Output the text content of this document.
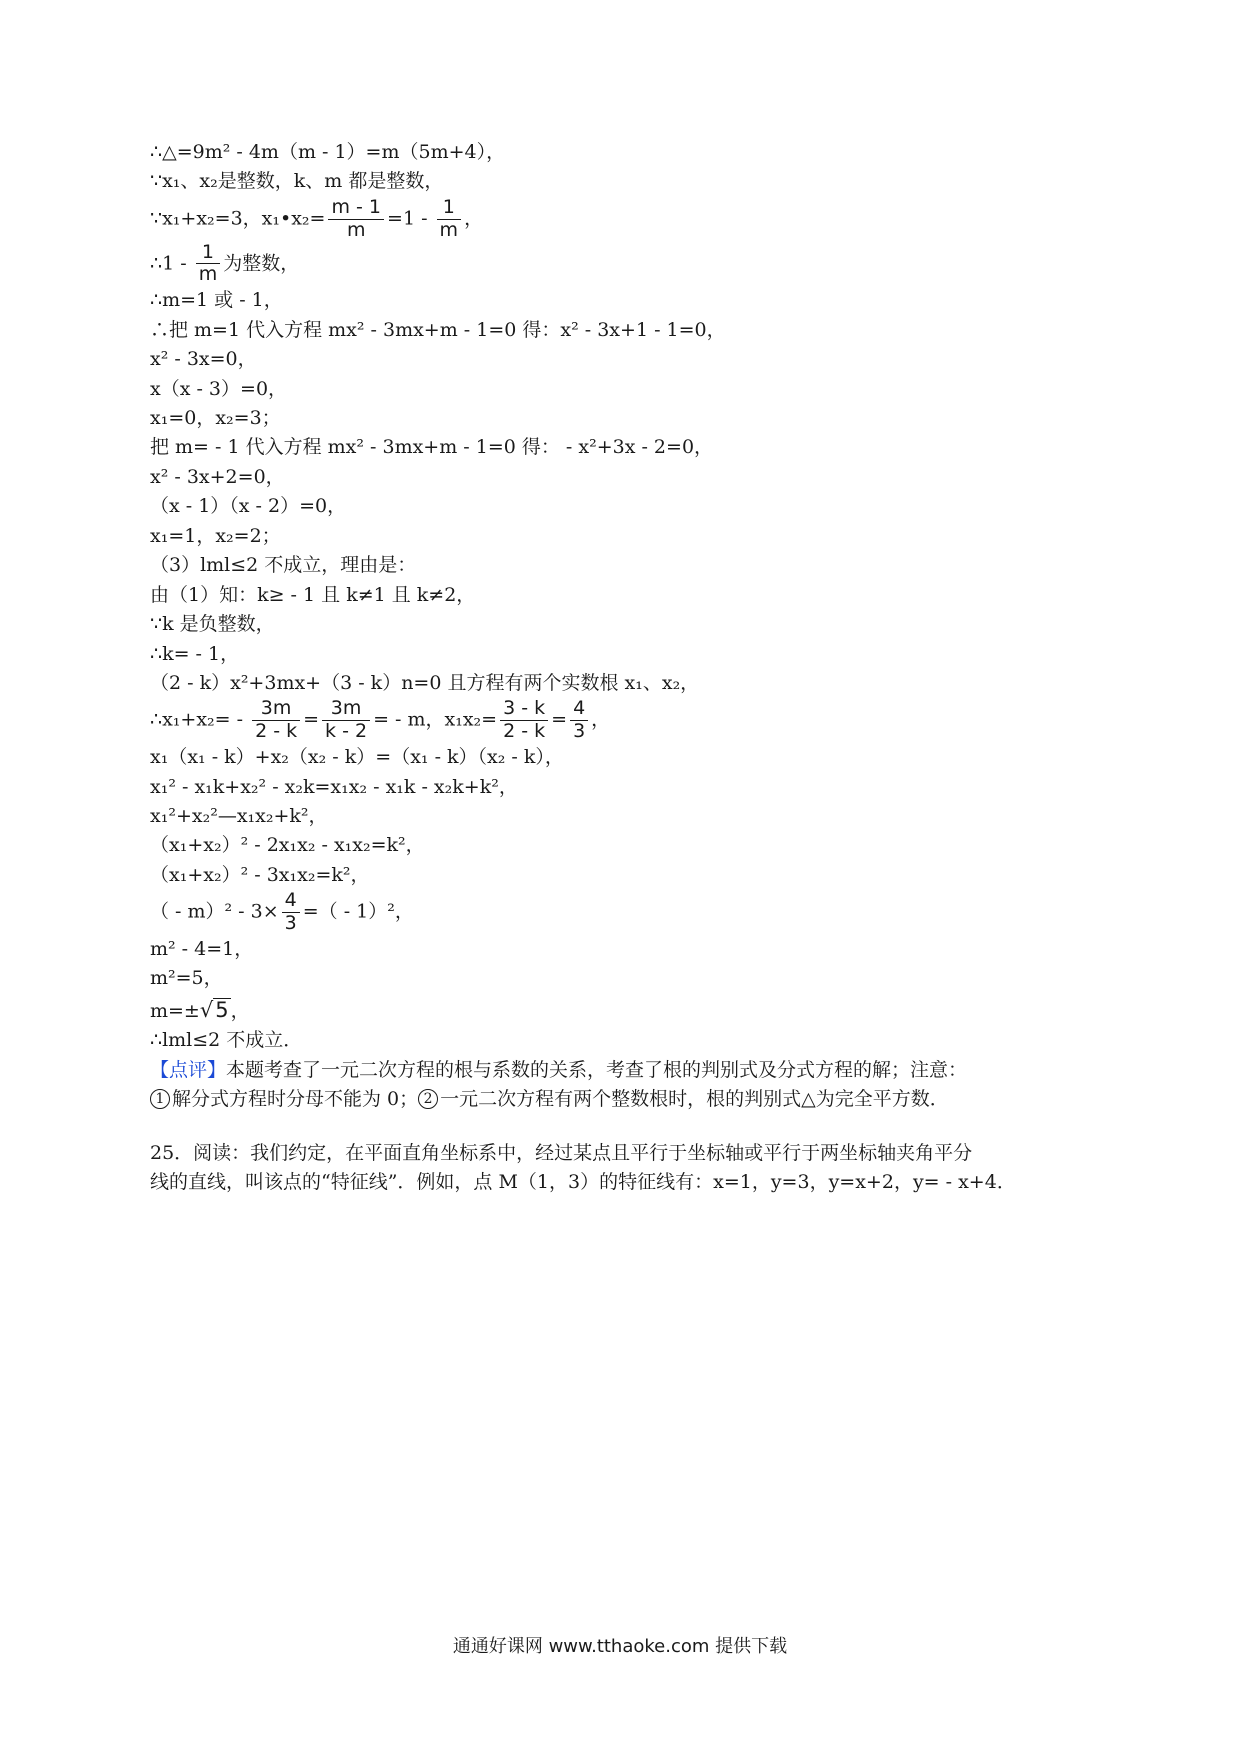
∴△=9m² - 4m（m - 1）=m（5m+4），
∵x₁、x₂是整数，k、m 都是整数，
∵x₁+x₂=3，x₁•x₂= $\frac{m - 1}{m} =1 - \frac{1}{m}$ ，
∴1 - $\frac{1}{m}$ 为整数，
∴m=1 或 - 1，
∴把 m=1 代入方程 mx² - 3mx+m - 1=0 得：x² - 3x+1 - 1=0，
x² - 3x=0，
x（x - 3）=0，
x₁=0，x₂=3；
把 m= - 1 代入方程 mx² - 3mx+m - 1=0 得： - x²+3x - 2=0，
x² - 3x+2=0，
（x - 1）（x - 2）=0，
x₁=1，x₂=2；
（3）lml≤2 不成立，理由是：
由（1）知：k≥ - 1 且 k≠1 且 k≠2，
∵k 是负整数，
∴k= - 1，
（2 - k）x²+3mx+（3 - k）n=0 且方程有两个实数根 x₁、x₂，
∴x₁+x₂= - $\frac{3m}{2 - k} = \frac{3m}{k - 2}$ = - m，$x_1x_2= \frac{3 - k}{2 - k} = \frac{4}{3}$ ，
x₁（x₁ - k）+x₂（x₂ - k）=（x₁ - k）（x₂ - k），
x₁² - x₁k+x₂² - x₂k=x₁x₂ - x₁k - x₂k+k²，
x₁²+x₂²—x₁x₂+k²，
（x₁+x₂）² - 2x₁x₂ - x₁x₂=k²，
（x₁+x₂）² - 3x₁x₂=k²，
（ - $m)^2 - 3\times \frac{4}{3}$ =（ - 1）²，
m² - 4=1，
m²=5，
m=±√5 ，
∴lml≤2 不成立．
【点评】本题考查了一元二次方程的根与系数的关系，考查了根的判别式及分式方程的解；注意：
1 解分式方程时分母不能为 0； 2 一元二次方程有两个整数根时，根的判别式△为完全平方数．
25．阅读：我们约定，在平面直角坐标系中，经过某点且平行于坐标轴或平行于两坐标轴夹角平分
线的直线，叫该点的“特征线”．例如，点 M（1，3）的特征线有：x=1，y=3，y=x+2，y= - x+4．
通通好课网 www.tthaoke.com 提供下载
